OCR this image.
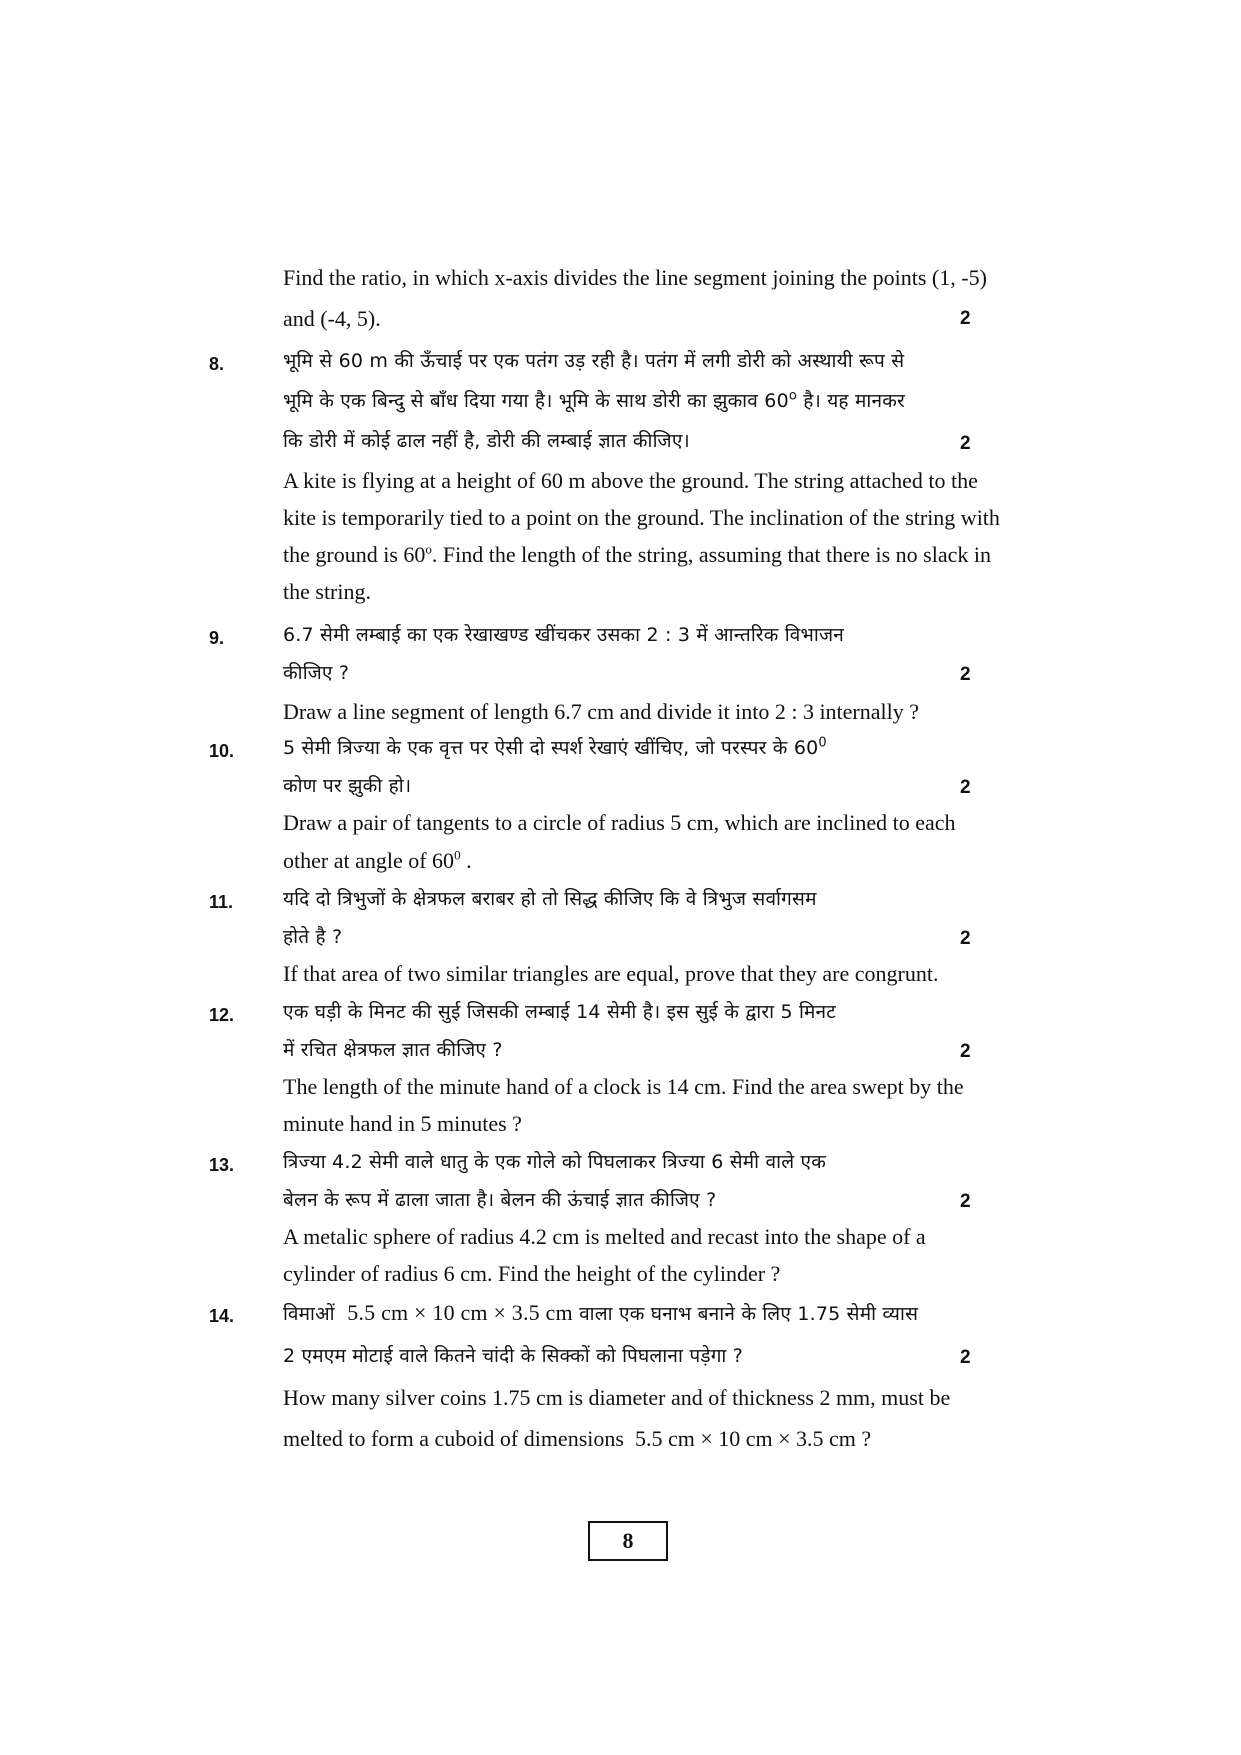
Find the ratio, in which x-axis divides the line segment joining the points (1, -5)
and (-4, 5).	2
8.	भूमि से 60 m की ऊँचाई पर एक पतंग उड़ रही है। पतंग में लगी डोरी को अस्थायी रूप से
भूमि के एक बिन्दु से बाँध दिया गया है। भूमि के साथ डोरी का झुकाव 60$^o$ है। यह मानकर
कि डोरी में कोई ढाल नहीं है, डोरी की लम्बाई ज्ञात कीजिए।	2
A kite is flying at a height of 60 m above the ground. The string attached to the
kite is temporarily tied to a point on the ground. The inclination of the string with
the ground is 60$^o$. Find the length of the string, assuming that there is no slack in
the string.
9.	6.7 सेमी लम्बाई का एक रेखाखण्ड खींचकर उसका 2 : 3 में आन्तरिक विभाजन
कीजिए ?	2
Draw a line segment of length 6.7 cm and divide it into 2 : 3 internally ?
10.	5 सेमी त्रिज्या के एक वृत्त पर ऐसी दो स्पर्श रेखाएं खींचिए, जो परस्पर के $60^0$
कोण पर झुकी हो।	2
Draw a pair of tangents to a circle of radius 5 cm, which are inclined to each
other at angle of $60^0$ .
11.	यदि दो त्रिभुजों के क्षेत्रफल बराबर हो तो सिद्ध कीजिए कि वे त्रिभुज सर्वागसम
होते है ?	2
If that area of two similar triangles are equal, prove that they are congrunt.
12.	एक घड़ी के मिनट की सुई जिसकी लम्बाई 14 सेमी है। इस सुई के द्वारा 5 मिनट
में रचित क्षेत्रफल ज्ञात कीजिए ?	2
The length of the minute hand of a clock is 14 cm. Find the area swept by the
minute hand in 5 minutes ?
13.	त्रिज्या 4.2 सेमी वाले धातु के एक गोले को पिघलाकर त्रिज्या 6 सेमी वाले एक
बेलन के रूप में ढाला जाता है। बेलन की ऊंचाई ज्ञात कीजिए ?	2
A metalic sphere of radius 4.2 cm is melted and recast into the shape of a
cylinder of radius 6 cm. Find the height of the cylinder ?
14.	विमाओं 5.5 cm × 10 cm × 3.5 cm वाला एक घनाभ बनाने के लिए 1.75 सेमी व्यास
2 एमएम मोटाई वाले कितने चांदी के सिक्कों को पिघलाना पड़ेगा ?	2
How many silver coins 1.75 cm is diameter and of thickness 2 mm, must be
melted to form a cuboid of dimensions 5.5 cm × 10 cm × 3.5 cm ?
8
